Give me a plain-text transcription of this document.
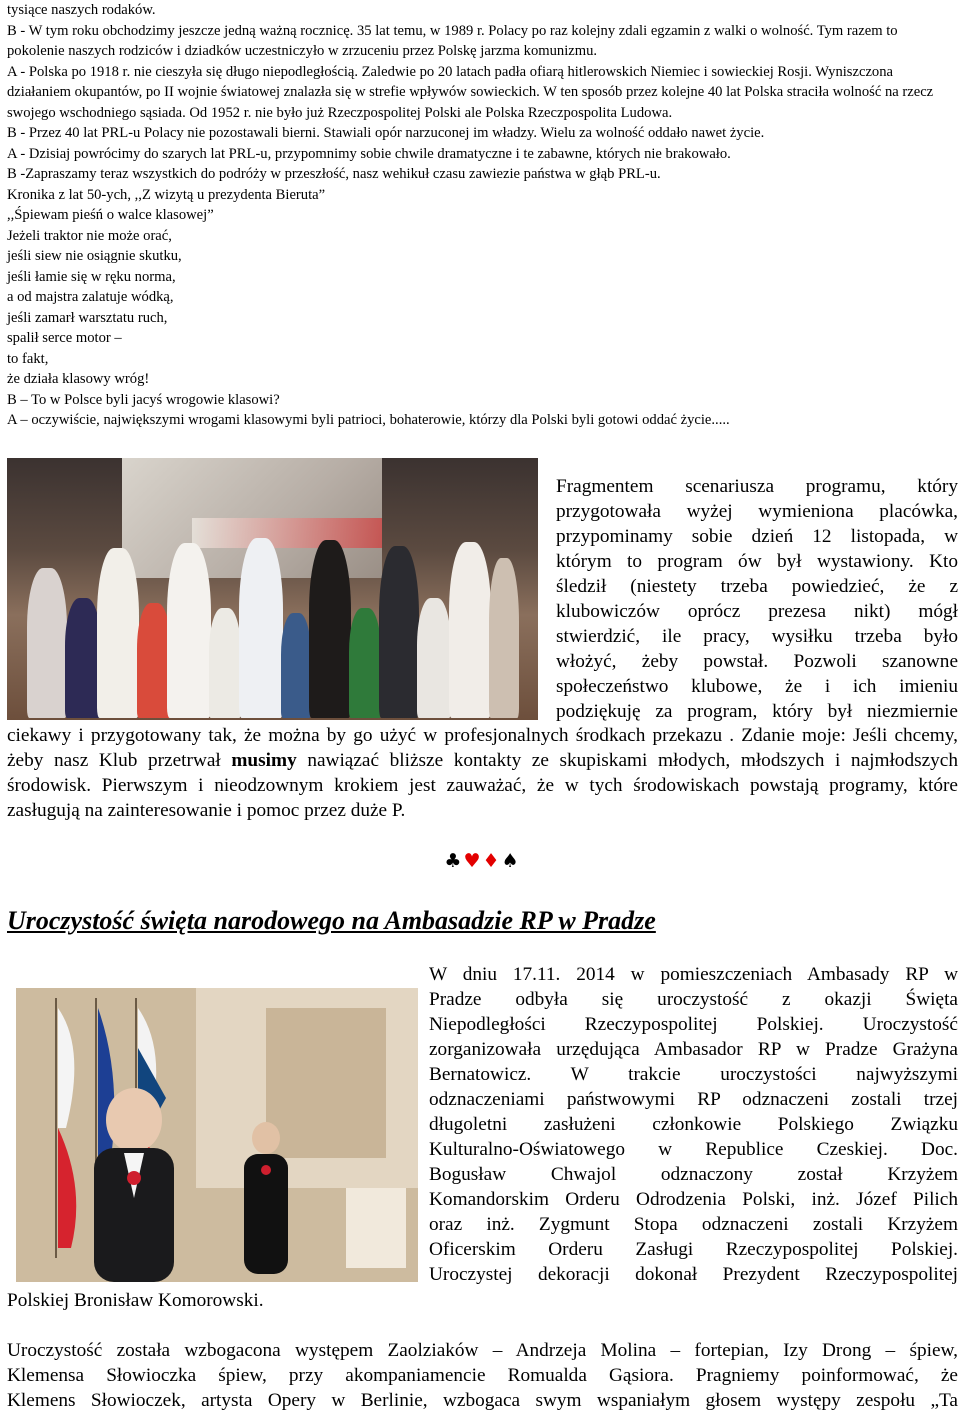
tysiące naszych rodaków.

B - W tym roku obchodzimy jeszcze jedną ważną rocznicę. 35 lat temu, w 1989 r. Polacy po raz kolejny zdali egzamin z walki o wolność. Tym razem to pokolenie naszych rodziców i dziadków uczestniczyło w zrzuceniu przez Polskę jarzma komunizmu.

A - Polska po 1918 r. nie cieszyła się długo niepodległością. Zaledwie po 20 latach padła ofiarą hitlerowskich Niemiec i sowieckiej Rosji. Wyniszczona działaniem okupantów, po II wojnie światowej znalazła się w strefie wpływów sowieckich. W ten sposób przez kolejne 40 lat Polska straciła wolność na rzecz swojego wschodniego sąsiada. Od 1952 r. nie było już Rzeczpospolitej Polski ale Polska Rzeczpospolita Ludowa.

B - Przez 40 lat PRL-u Polacy nie pozostawali bierni. Stawiali opór narzuconej im władzy. Wielu za wolność oddało nawet życie.

A - Dzisiaj powrócimy do szarych lat PRL-u, przypomnimy sobie chwile dramatyczne i te zabawne, których nie brakowało.

B -Zapraszamy teraz wszystkich do podróży w przeszłość, nasz wehikuł czasu zawiezie państwa w głąb PRL-u.

Kronika z lat 50-ych, ,,Z wizytą u prezydenta Bieruta”

,,Śpiewam pieśń o walce klasowej”

Jeżeli traktor nie może orać,

jeśli siew nie osiągnie skutku,

jeśli łamie się w ręku norma,

a od majstra zalatuje wódką,

jeśli zamarł warsztatu ruch,

spalił serce motor –

to fakt,

że działa klasowy wróg!

B – To w Polsce byli jacyś wrogowie klasowi?

A – oczywiście, największymi wrogami klasowymi byli patrioci, bohaterowie, którzy dla Polski byli gotowi oddać życie.....

Fragmentem scenariusza programu, który
przygotowała wyżej wymieniona placówka,
przypominamy sobie dzień 12 listopada, w
którym to program ów był wystawiony. Kto
śledził (niestety trzeba powiedzieć, że z
klubowiczów oprócz prezesa nikt) mógł
stwierdzić, ile pracy, wysiłku trzeba było
włożyć, żeby powstał. Pozwoli szanowne
społeczeństwo klubowe, że i ich imieniu
podziękuję za program, który był niezmiernie
ciekawy i przygotowany tak, że można by go użyć w profesjonalnych środkach przekazu . Zdanie moje: Jeśli chcemy, żeby nasz Klub przetrwał musimy nawiązać bliższe kontakty ze skupiskami młodych, młodszych i najmłodszych środowisk. Pierwszym i nieodzownym krokiem jest zauważać, że w tych środowiskach powstają programy, które zasługują na zainteresowanie i pomoc przez duże P.
♣♥♦♠
Uroczystość święta narodowego na Ambasadzie RP w Pradze
W dniu 17.11. 2014 w pomieszczeniach Ambasady RP w
Pradze odbyła się uroczystość z okazji Święta
Niepodległości Rzeczypospolitej Polskiej. Uroczystość
zorganizowała urzędująca Ambasador RP w Pradze Grażyna
Bernatowicz. W trakcie uroczystości najwyższymi
odznaczeniami państwowymi RP odznaczeni zostali trzej
długoletni zasłużeni członkowie Polskiego Związku
Kulturalno-Oświatowego w Republice Czeskiej. Doc.
Bogusław Chwajol odznaczony został Krzyżem
Komandorskim Orderu Odrodzenia Polski, inż. Józef Pilich
oraz inż. Zygmunt Stopa odznaczeni zostali Krzyżem
Oficerskim Orderu Zasługi Rzeczypospolitej Polskiej.
Uroczystej dekoracji dokonał Prezydent Rzeczypospolitej
Polskiej Bronisław Komorowski.
Uroczystość została wzbogacona występem Zaolziaków – Andrzeja Molina – fortepian, Izy Drong – śpiew,
Klemensa Słowioczka śpiew, przy akompaniamencie Romualda Gąsiora. Pragniemy poinformować, że
Klemens Słowioczek, artysta Opery w Berlinie, wzbogaca swym wspaniałym głosem występy zespołu „Ta
